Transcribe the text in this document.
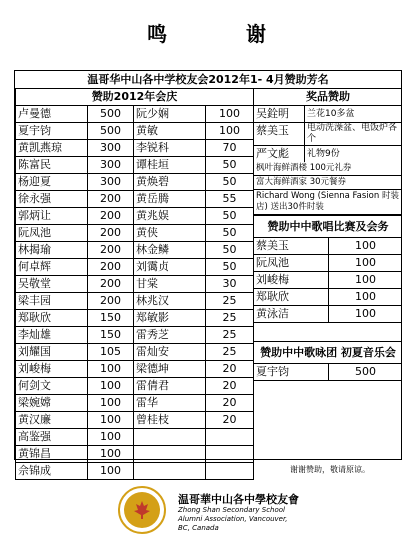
鸣	谢
温哥华中山各中学校友会2012年1- 4月赞助芳名
赞助2012年会庆			
卢曼德	500	阮少娴	100
夏宇钧	500	黄敏	100
黄凯燕琼	300	李锐科	70
陈富民	300	谭桂垣	50
杨迎夏	300	黄焕碧	50
徐永强	200	黄岳腾	55
郭炳让	200	黄兆娱	50
阮凤池	200	黄侠	50
林揭瑜	200	林金鳞	50
何卓辉	200	刘霭贞	50
吴敬堂	200	甘棠	30
梁丰园	200	林兆汉	25
郑耿欣	150	郑敏影	25
李灿雄	150	雷秀芝	25
刘耀国	105	雷灿安	25
刘峻梅	100	梁德坤	20
何剑文	100	雷倩君	20
梁婉嫦	100	雷华	20
黄汉廉	100	曾桂枝	20
高鉴强	100		
黄锦昌	100		
佘锦成	100		
奖品赞助
吴銓明	兰花10多盆
蔡美玉	电动洗澡盆、电饭炉各个
严文彪	礼物9份
枫叶海鲜酒楼 100元礼券
富大海鲜酒家 30元餐券
Richard Wong (Sienna Fasion 时装店) 送出30件时装
赞助中中歌唱比赛及会务
蔡美玉	100
阮凤池	100
刘峻梅	100
郑耿欣	100
黄泳洁	100
赞助中中歌咏团 初夏音乐会
夏宇钧	500
谢谢赞助，敬请原谅。
温哥華中山各中學校友會
Zhong Shan Secondary School Alumni Association, Vancouver, BC, Canada
